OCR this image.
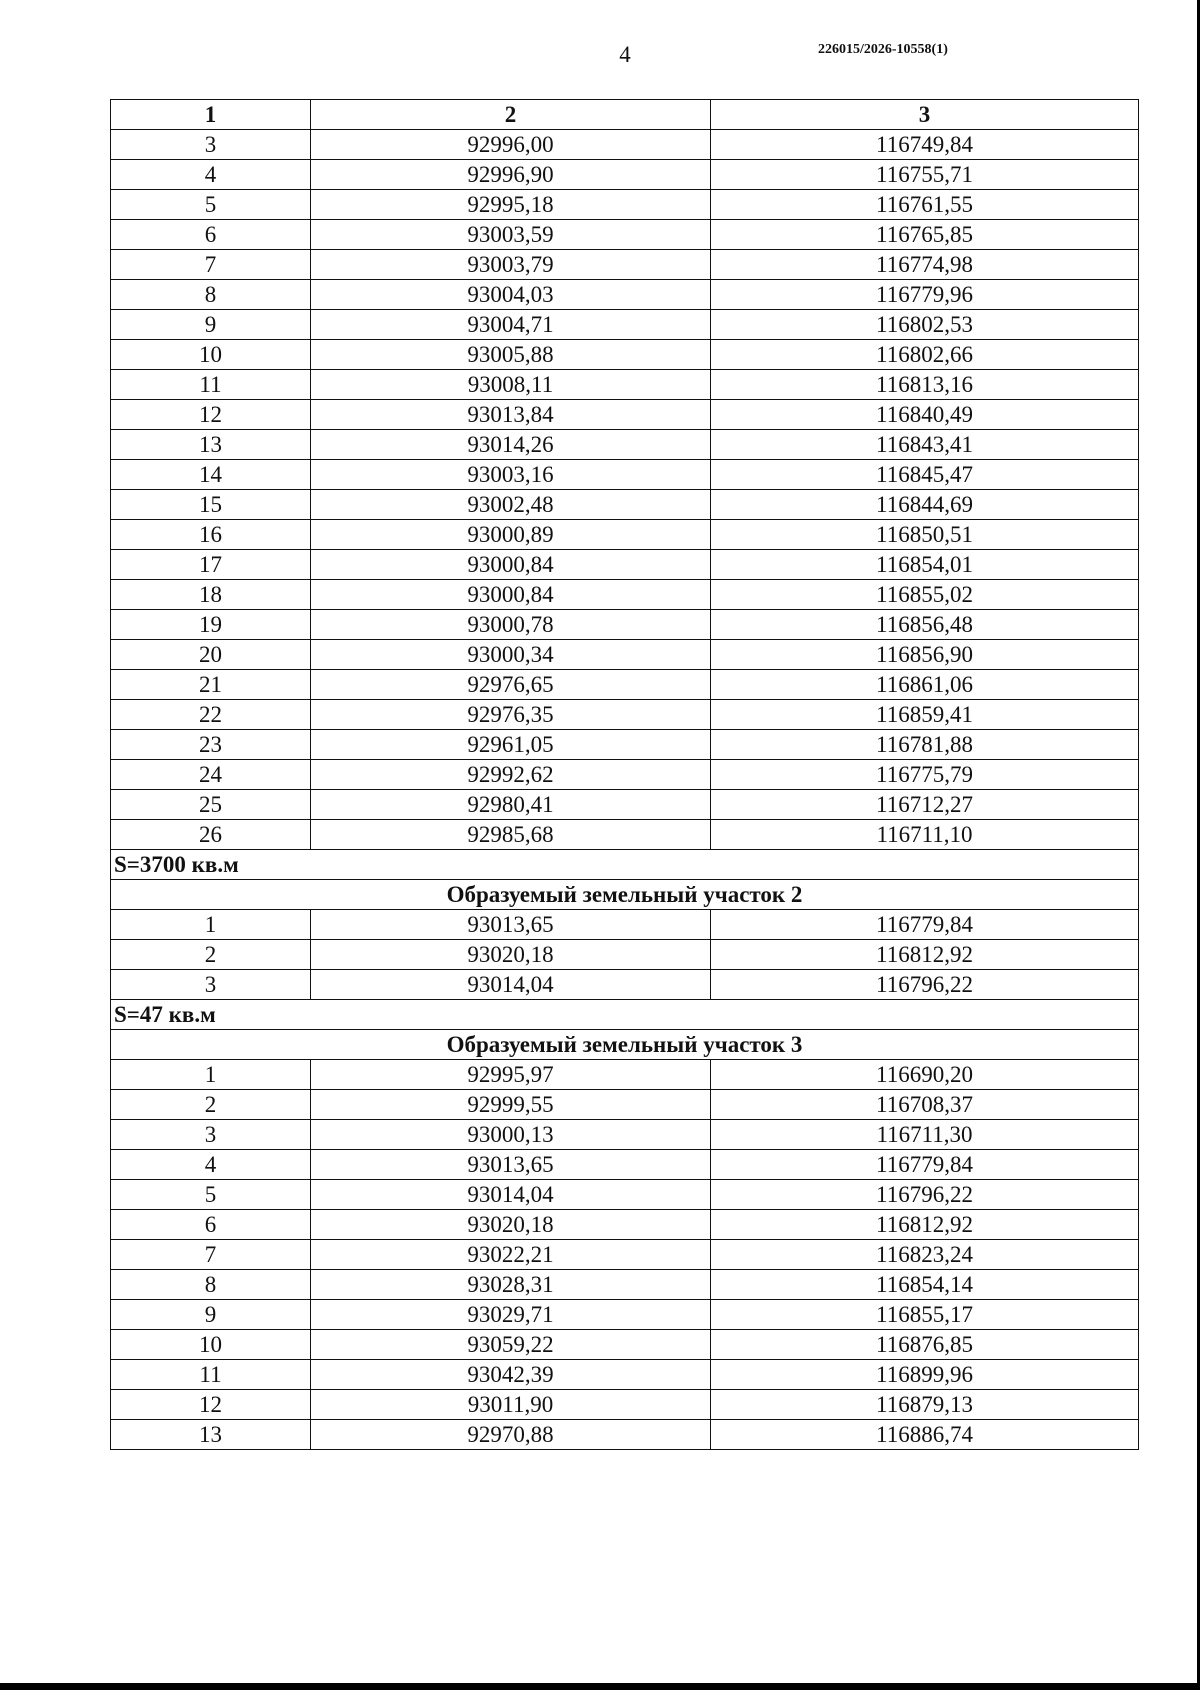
4	226015/2026-10558(1)
1	2	3
3	92996,00	116749,84
4	92996,90	116755,71
5	92995,18	116761,55
6	93003,59	116765,85
7	93003,79	116774,98
8	93004,03	116779,96
9	93004,71	116802,53
10	93005,88	116802,66
11	93008,11	116813,16
12	93013,84	116840,49
13	93014,26	116843,41
14	93003,16	116845,47
15	93002,48	116844,69
16	93000,89	116850,51
17	93000,84	116854,01
18	93000,84	116855,02
19	93000,78	116856,48
20	93000,34	116856,90
21	92976,65	116861,06
22	92976,35	116859,41
23	92961,05	116781,88
24	92992,62	116775,79
25	92980,41	116712,27
26	92985,68	116711,10
S=3700 кв.м		
Образуемый земельный участок 2		
1	93013,65	116779,84
2	93020,18	116812,92
3	93014,04	116796,22
S=47 кв.м		
Образуемый земельный участок 3		
1	92995,97	116690,20
2	92999,55	116708,37
3	93000,13	116711,30
4	93013,65	116779,84
5	93014,04	116796,22
6	93020,18	116812,92
7	93022,21	116823,24
8	93028,31	116854,14
9	93029,71	116855,17
10	93059,22	116876,85
11	93042,39	116899,96
12	93011,90	116879,13
13	92970,88	116886,74
